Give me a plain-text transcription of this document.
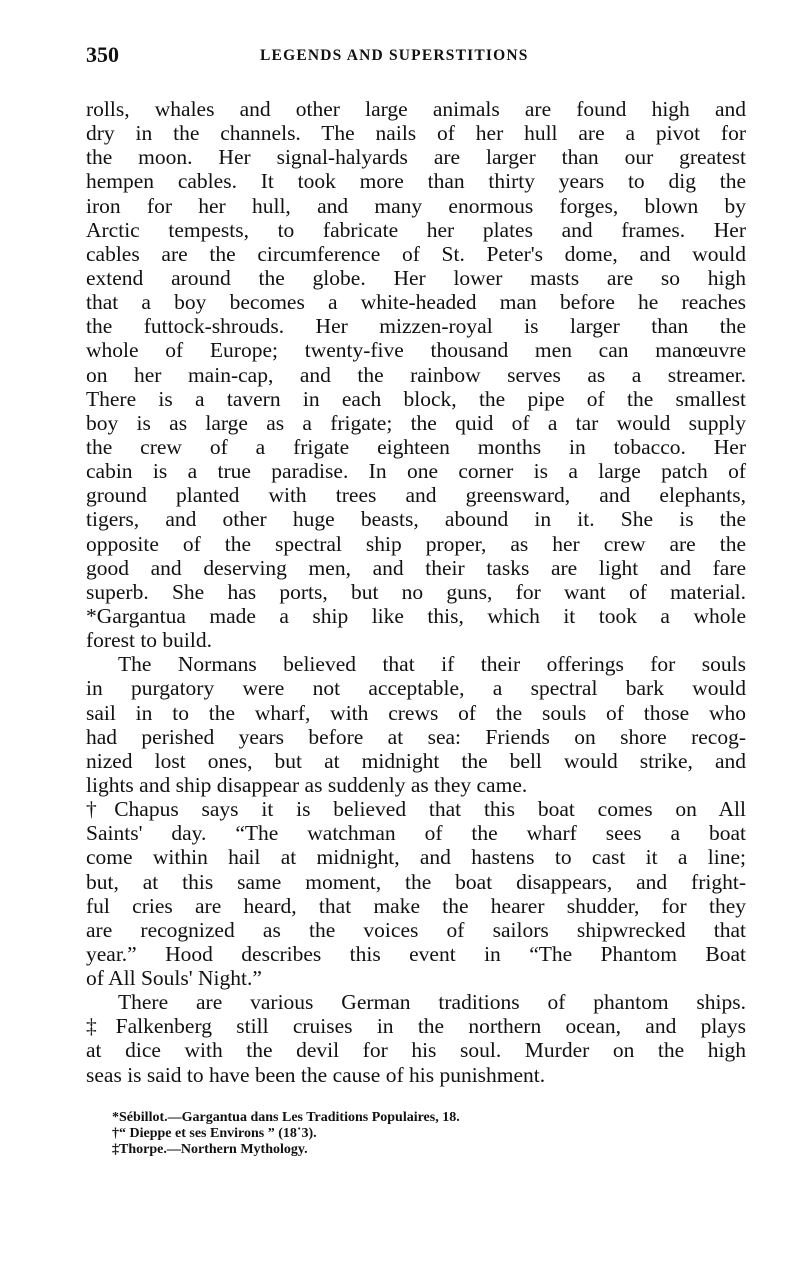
350	LEGENDS AND SUPERSTITIONS
rolls, whales and other large animals are found high and
dry in the channels. The nails of her hull are a pivot for
the moon. Her signal-halyards are larger than our greatest
hempen cables. It took more than thirty years to dig the
iron for her hull, and many enormous forges, blown by
Arctic tempests, to fabricate her plates and frames. Her
cables are the circumference of St. Peter's dome, and would
extend around the globe. Her lower masts are so high
that a boy becomes a white-headed man before he reaches
the futtock-shrouds. Her mizzen-royal is larger than the
whole of Europe; twenty-five thousand men can manœuvre
on her main-cap, and the rainbow serves as a streamer.
There is a tavern in each block, the pipe of the smallest
boy is as large as a frigate; the quid of a tar would supply
the crew of a frigate eighteen months in tobacco. Her
cabin is a true paradise. In one corner is a large patch of
ground planted with trees and greensward, and elephants,
tigers, and other huge beasts, abound in it. She is the
opposite of the spectral ship proper, as her crew are the
good and deserving men, and their tasks are light and fare
superb. She has ports, but no guns, for want of material.
*Gargantua made a ship like this, which it took a whole
forest to build.
The Normans believed that if their offerings for souls
in purgatory were not acceptable, a spectral bark would
sail in to the wharf, with crews of the souls of those who
had perished years before at sea: Friends on shore recog-
nized lost ones, but at midnight the bell would strike, and
lights and ship disappear as suddenly as they came.
†Chapus says it is believed that this boat comes on All
Saints' day. “The watchman of the wharf sees a boat
come within hail at midnight, and hastens to cast it a line;
but, at this same moment, the boat disappears, and fright-
ful cries are heard, that make the hearer shudder, for they
are recognized as the voices of sailors shipwrecked that
year.” Hood describes this event in “The Phantom Boat
of All Souls' Night.”
There are various German traditions of phantom ships.
‡Falkenberg still cruises in the northern ocean, and plays
at dice with the devil for his soul. Murder on the high
seas is said to have been the cause of his punishment.
*Sébillot.—Gargantua dans Les Traditions Populaires, 18.
†“ Dieppe et ses Environs ” (18˙3).
‡Thorpe.—Northern Mythology.
